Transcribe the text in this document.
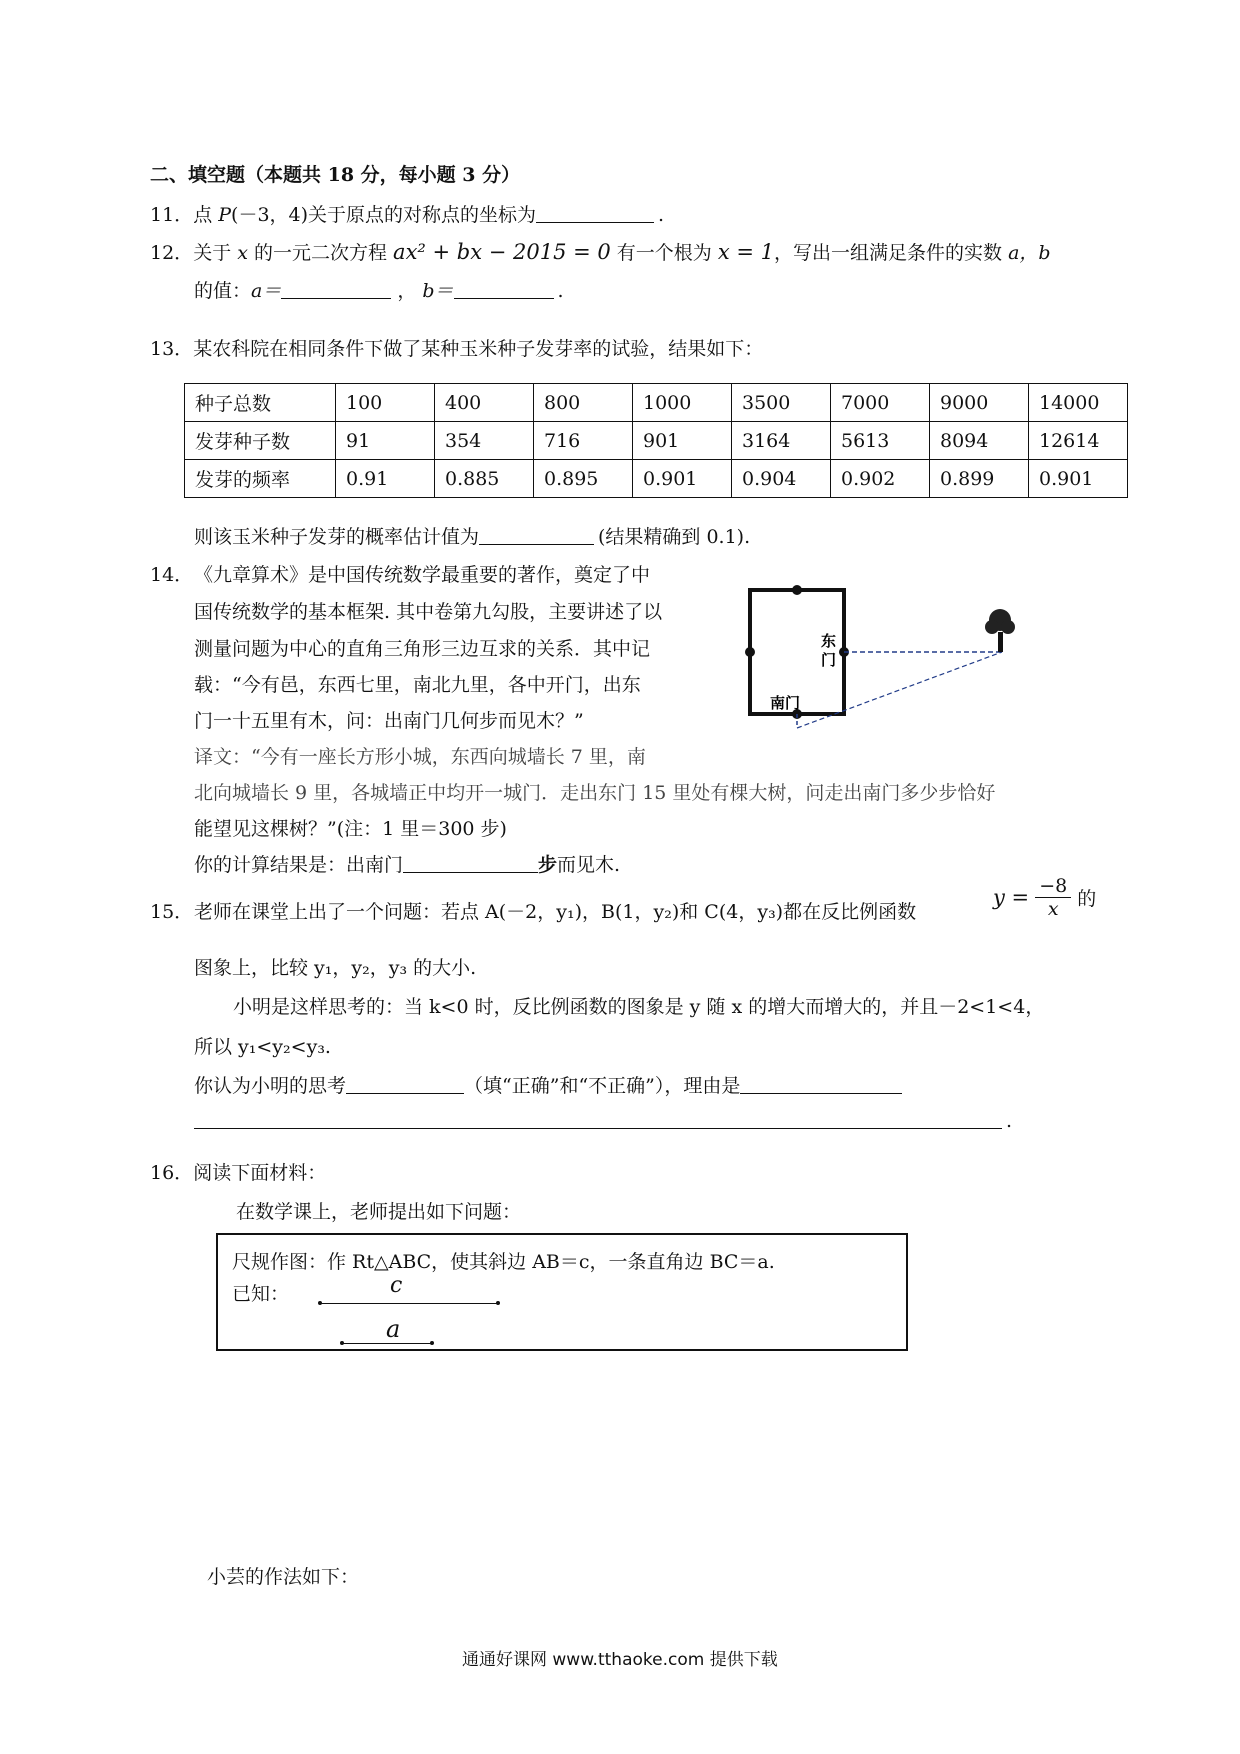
二、填空题（本题共 18 分，每小题 3 分）
11．点 P(－3，4)关于原点的对称点的坐标为	.
12．关于 x 的一元二次方程 ax² + bx − 2015 = 0 有一个根为 x = 1，写出一组满足条件的实数 a，b
的值：a＝	， b＝	.
13．某农科院在相同条件下做了某种玉米种子发芽率的试验，结果如下：
种子总数	100	400	800	1000	3500	7000	9000	14000
发芽种子数	91	354	716	901	3164	5613	8094	12614
发芽的频率	0.91	0.885	0.895	0.901	0.904	0.902	0.899	0.901
则该玉米种子发芽的概率估计值为	(结果精确到 0.1).
14． 《九章算术》是中国传统数学最重要的著作，奠定了中
国传统数学的基本框架. 其中卷第九勾股，主要讲述了以
测量问题为中心的直角三角形三边互求的关系．其中记
载：“今有邑，东西七里，南北九里，各中开门，出东
门一十五里有木，问：出南门几何步而见木？”
译文：“今有一座长方形小城，东西向城墙长 7 里，南
北向城墙长 9 里，各城墙正中均开一城门．走出东门 15 里处有棵大树，问走出南门多少步恰好
能望见这棵树？”(注：1 里＝300 步)
你的计算结果是：出南门	步而见木.
东
门
南门
15． 老师在课堂上出了一个问题：若点 A(－2，y₁)，B(1，y₂)和 C(4，y₃)都在反比例函数
$y = \frac{-8}{x}$ 的
图象上，比较 y₁，y₂，y₃ 的大小.
小明是这样思考的：当 k<0 时，反比例函数的图象是 y 随 x 的增大而增大的，并且－2<1<4，
所以 y₁<y₂<y₃.
你认为小明的思考	（填“正确”和“不正确”），理由是
.
16．阅读下面材料：
在数学课上，老师提出如下问题：
尺规作图：作 Rt△ABC，使其斜边 AB＝c，一条直角边 BC＝a.
已知：	c
a
小芸的作法如下：
通通好课网 www.tthaoke.com 提供下载
